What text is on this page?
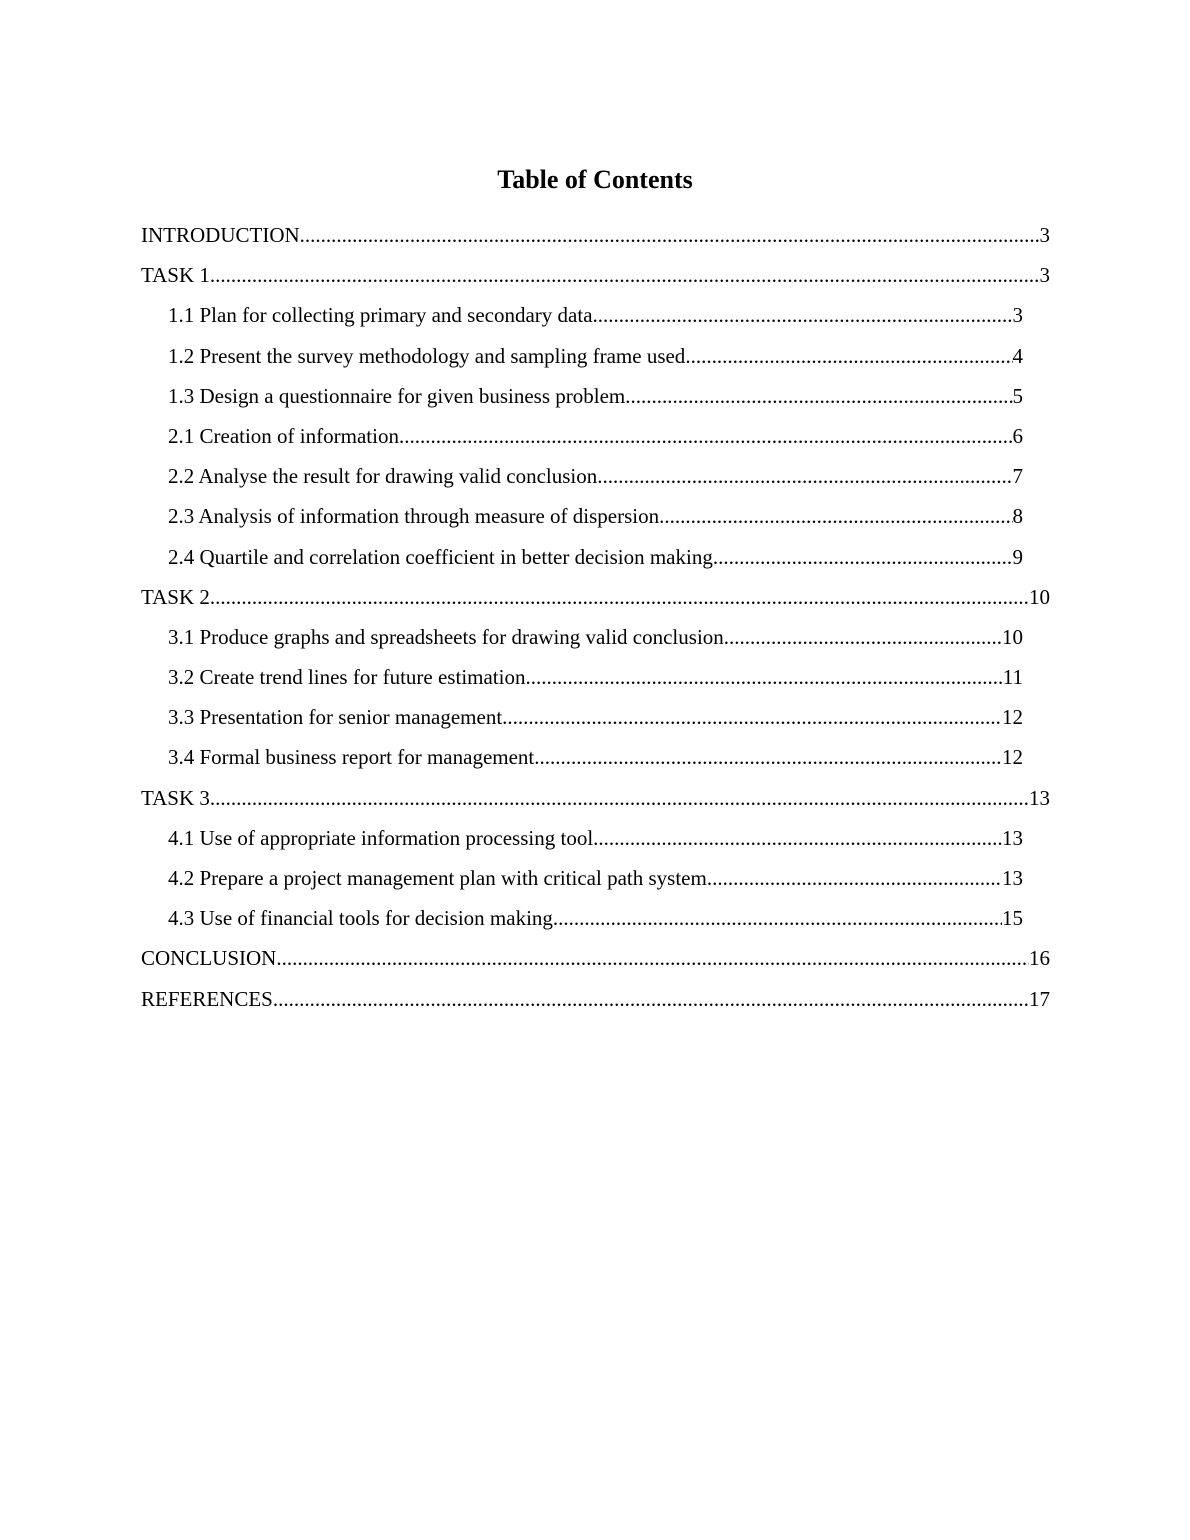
Table of Contents
INTRODUCTION .....	3
TASK 1 .....	3
1.1 Plan for collecting primary and secondary data .....	3
1.2 Present the survey methodology and sampling frame used .....	4
1.3 Design a questionnaire for given business problem .....	5
2.1 Creation of information .....	6
2.2 Analyse the result for drawing valid conclusion .....	7
2.3 Analysis of information through measure of dispersion .....	8
2.4 Quartile and correlation coefficient in better decision making .....	9
TASK 2 .....	10
3.1 Produce graphs and spreadsheets for drawing valid conclusion .....	10
3.2 Create trend lines for future estimation .....	11
3.3 Presentation for senior management .....	12
3.4 Formal business report for management .....	12
TASK 3 .....	13
4.1 Use of appropriate information processing tool .....	13
4.2 Prepare a project management plan with critical path system .....	13
4.3 Use of financial tools for decision making .....	15
CONCLUSION .....	16
REFERENCES .....	17
